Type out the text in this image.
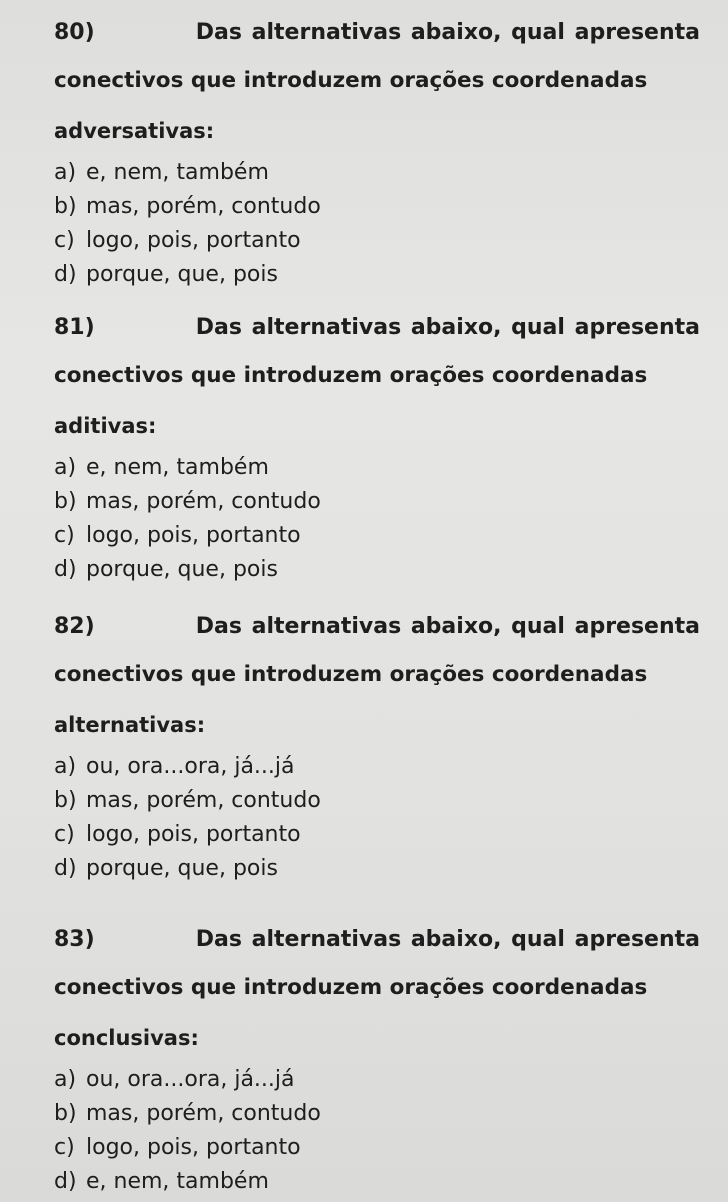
80)	Das alternativas abaixo, qual apresenta
conectivos que introduzem orações coordenadas
adversativas:
a) e, nem, também
b) mas, porém, contudo
c) logo, pois, portanto
d) porque, que, pois
81)	Das alternativas abaixo, qual apresenta
conectivos que introduzem orações coordenadas
aditivas:
a) e, nem, também
b) mas, porém, contudo
c) logo, pois, portanto
d) porque, que, pois
82)	Das alternativas abaixo, qual apresenta
conectivos que introduzem orações coordenadas
alternativas:
a) ou, ora...ora, já...já
b) mas, porém, contudo
c) logo, pois, portanto
d) porque, que, pois
83)	Das alternativas abaixo, qual apresenta
conectivos que introduzem orações coordenadas
conclusivas:
a) ou, ora...ora, já...já
b) mas, porém, contudo
c) logo, pois, portanto
d) e, nem, também
